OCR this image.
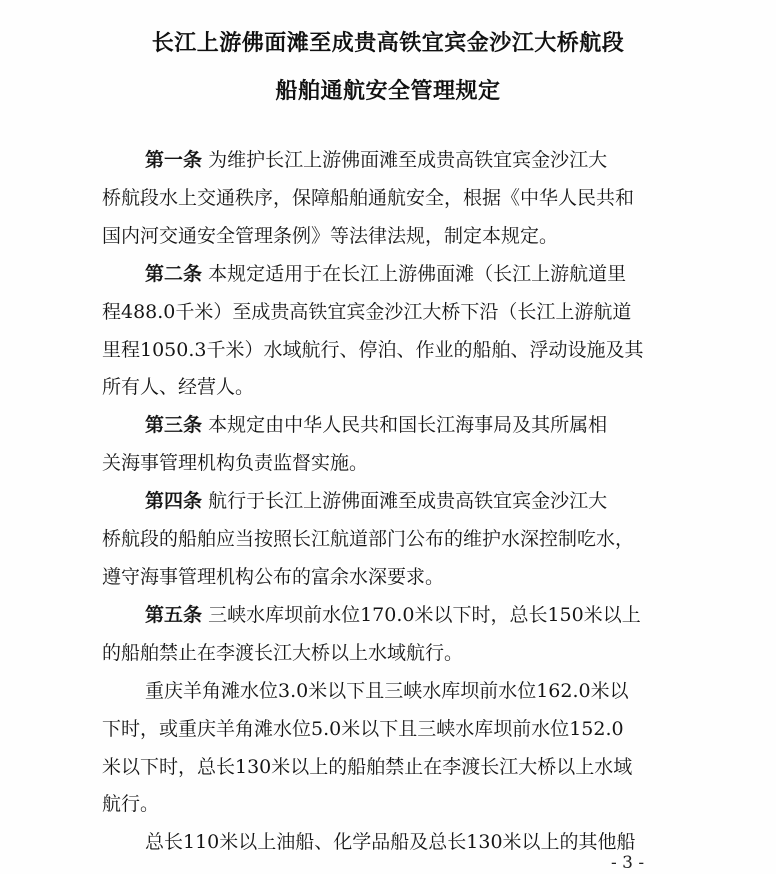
长江上游佛面滩至成贵高铁宜宾金沙江大桥航段
船舶通航安全管理规定
第一条 为维护长江上游佛面滩至成贵高铁宜宾金沙江大
桥航段水上交通秩序，保障船舶通航安全，根据《中华人民共和
国内河交通安全管理条例》等法律法规，制定本规定。
第二条 本规定适用于在长江上游佛面滩（长江上游航道里
程488.0千米）至成贵高铁宜宾金沙江大桥下沿（长江上游航道
里程1050.3千米）水域航行、停泊、作业的船舶、浮动设施及其
所有人、经营人。
第三条 本规定由中华人民共和国长江海事局及其所属相
关海事管理机构负责监督实施。
第四条 航行于长江上游佛面滩至成贵高铁宜宾金沙江大
桥航段的船舶应当按照长江航道部门公布的维护水深控制吃水，
遵守海事管理机构公布的富余水深要求。
第五条 三峡水库坝前水位170.0米以下时，总长150米以上
的船舶禁止在李渡长江大桥以上水域航行。
重庆羊角滩水位3.0米以下且三峡水库坝前水位162.0米以
下时，或重庆羊角滩水位5.0米以下且三峡水库坝前水位152.0
米以下时，总长130米以上的船舶禁止在李渡长江大桥以上水域
航行。
总长110米以上油船、化学品船及总长130米以上的其他船
- 3 -
